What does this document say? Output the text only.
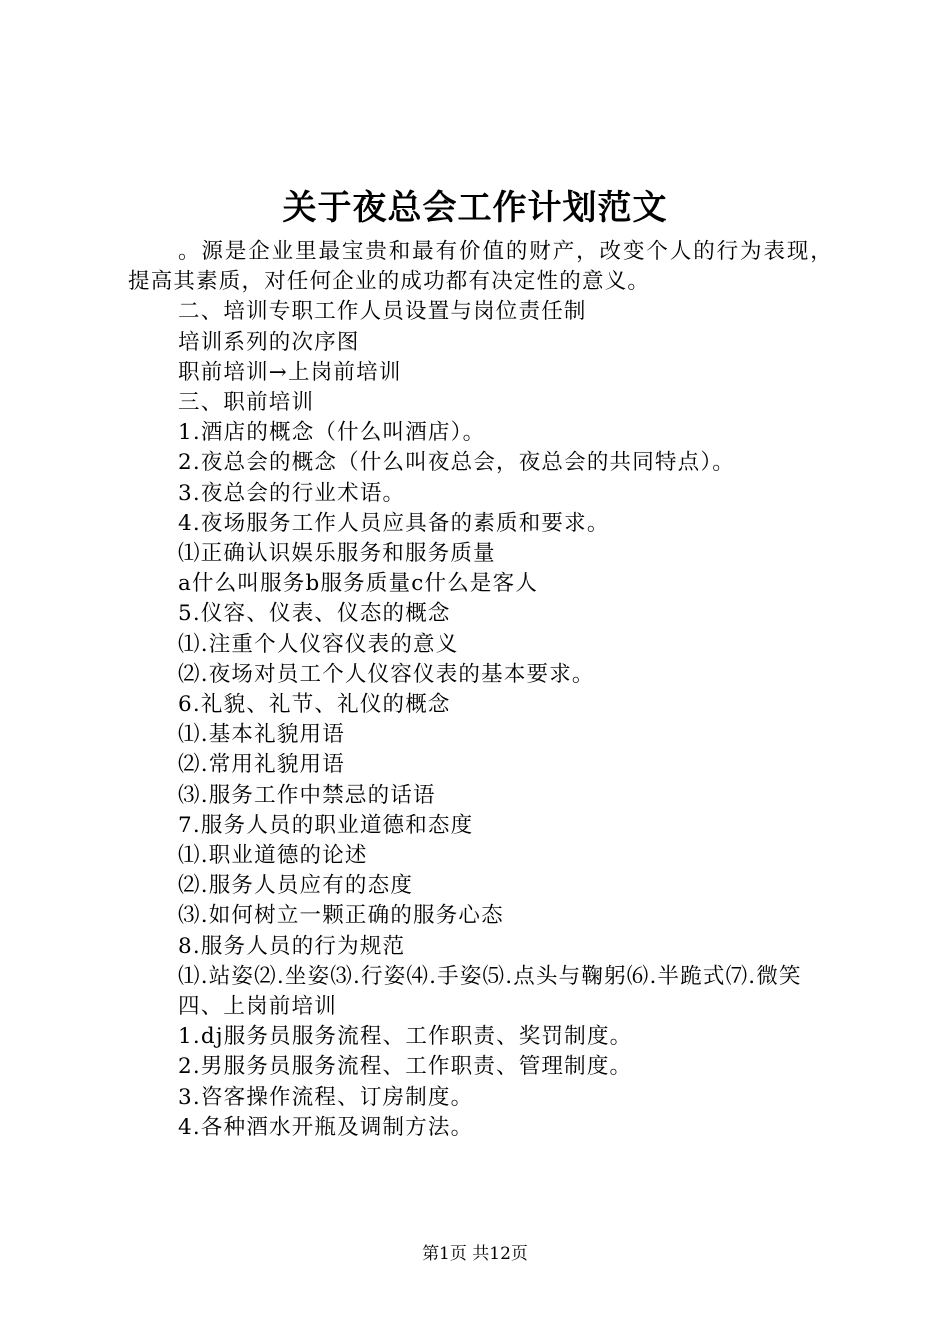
关于夜总会工作计划范文

。源是企业里最宝贵和最有价值的财产，改变个人的行为表现，提高其素质，对任何企业的成功都有决定性的意义。

二、培训专职工作人员设置与岗位责任制

培训系列的次序图

职前培训→上岗前培训

三、职前培训

1.酒店的概念（什么叫酒店）。

2.夜总会的概念（什么叫夜总会，夜总会的共同特点）。

3.夜总会的行业术语。

4.夜场服务工作人员应具备的素质和要求。

⑴正确认识娱乐服务和服务质量

a什么叫服务b服务质量c什么是客人

5.仪容、仪表、仪态的概念

⑴.注重个人仪容仪表的意义

⑵.夜场对员工个人仪容仪表的基本要求。

6.礼貌、礼节、礼仪的概念

⑴.基本礼貌用语

⑵.常用礼貌用语

⑶.服务工作中禁忌的话语

7.服务人员的职业道德和态度

⑴.职业道德的论述

⑵.服务人员应有的态度

⑶.如何树立一颗正确的服务心态

8.服务人员的行为规范

⑴.站姿⑵.坐姿⑶.行姿⑷.手姿⑸.点头与鞠躬⑹.半跪式⑺.微笑

四、上岗前培训

1.dj服务员服务流程、工作职责、奖罚制度。

2.男服务员服务流程、工作职责、管理制度。

3.咨客操作流程、订房制度。

4.各种酒水开瓶及调制方法。

第1页 共12页
